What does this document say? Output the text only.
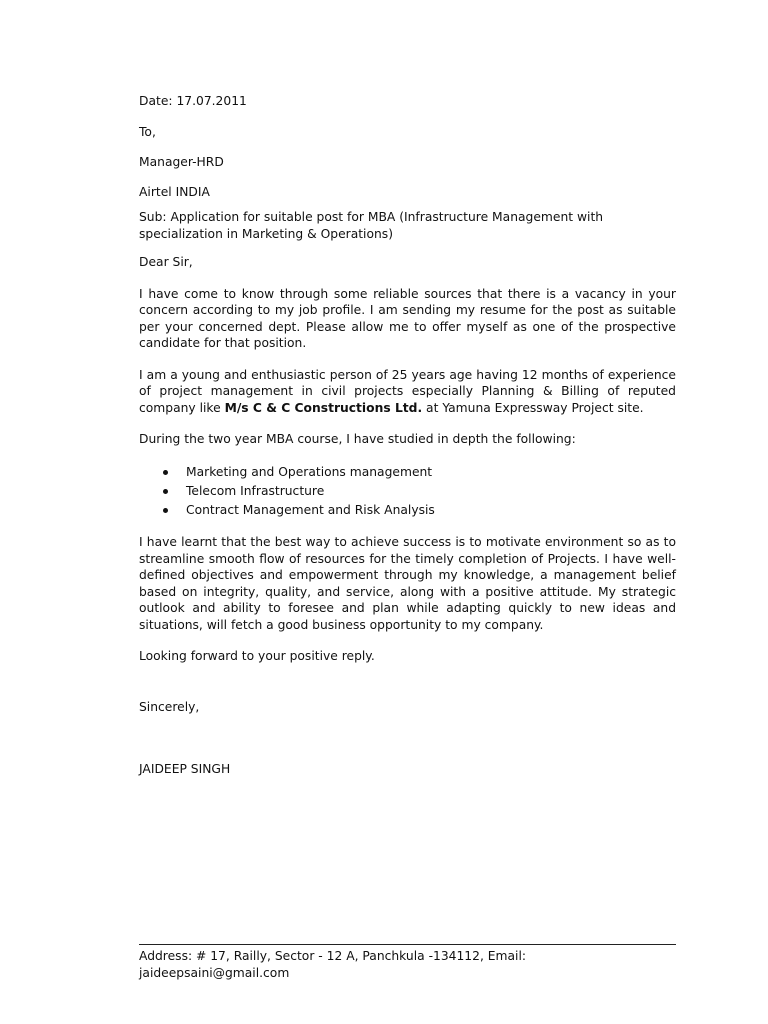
Date: 17.07.2011

To,

Manager-HRD

Airtel INDIA

Sub: Application for suitable post for MBA (Infrastructure Management with specialization in Marketing & Operations)

Dear Sir,

I have come to know through some reliable sources that there is a vacancy in your concern according to my job profile. I am sending my resume for the post as suitable per your concerned dept. Please allow me to offer myself as one of the prospective candidate for that position.

I am a young and enthusiastic person of 25 years age having 12 months of experience of project management in civil projects especially Planning & Billing of reputed company like M/s C & C Constructions Ltd. at Yamuna Expressway Project site.

During the two year MBA course, I have studied in depth the following:

Marketing and Operations management
Telecom Infrastructure
Contract Management and Risk Analysis

I have learnt that the best way to achieve success is to motivate environment so as to streamline smooth flow of resources for the timely completion of Projects. I have well-defined objectives and empowerment through my knowledge, a management belief based on integrity, quality, and service, along with a positive attitude. My strategic outlook and ability to foresee and plan while adapting quickly to new ideas and situations, will fetch a good business opportunity to my company.

Looking forward to your positive reply.

Sincerely,

JAIDEEP SINGH

Address: # 17, Railly, Sector - 12 A, Panchkula -134112, Email: jaideepsaini@gmail.com
